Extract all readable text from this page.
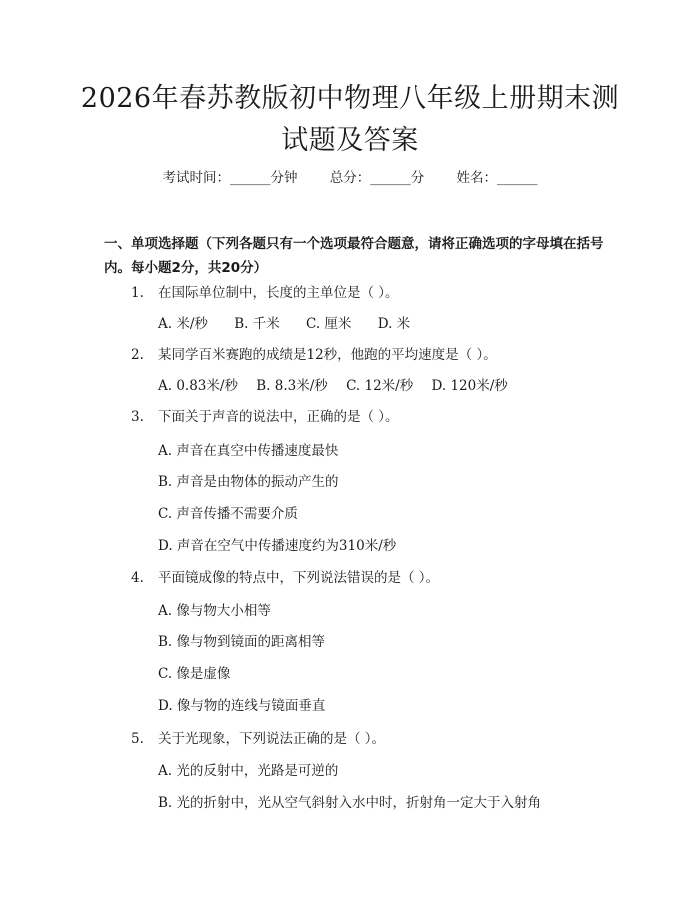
2026年春苏教版初中物理八年级上册期末测
试题及答案
考试时间：______分钟 总分：______分 姓名：______
一、单项选择题（下列各题只有一个选项最符合题意，请将正确选项的字母填在括号内。每小题2分，共20分）
1. 在国际单位制中，长度的主单位是（ ）。
A. 米/秒 B. 千米 C. 厘米 D. 米
2. 某同学百米赛跑的成绩是12秒，他跑的平均速度是（ ）。
A. 0.83米/秒 B. 8.3米/秒 C. 12米/秒 D. 120米/秒
3. 下面关于声音的说法中，正确的是（ ）。
A. 声音在真空中传播速度最快
B. 声音是由物体的振动产生的
C. 声音传播不需要介质
D. 声音在空气中传播速度约为310米/秒
4. 平面镜成像的特点中，下列说法错误的是（ ）。
A. 像与物大小相等
B. 像与物到镜面的距离相等
C. 像是虚像
D. 像与物的连线与镜面垂直
5. 关于光现象，下列说法正确的是（ ）。
A. 光的反射中，光路是可逆的
B. 光的折射中，光从空气斜射入水中时，折射角一定大于入射角
